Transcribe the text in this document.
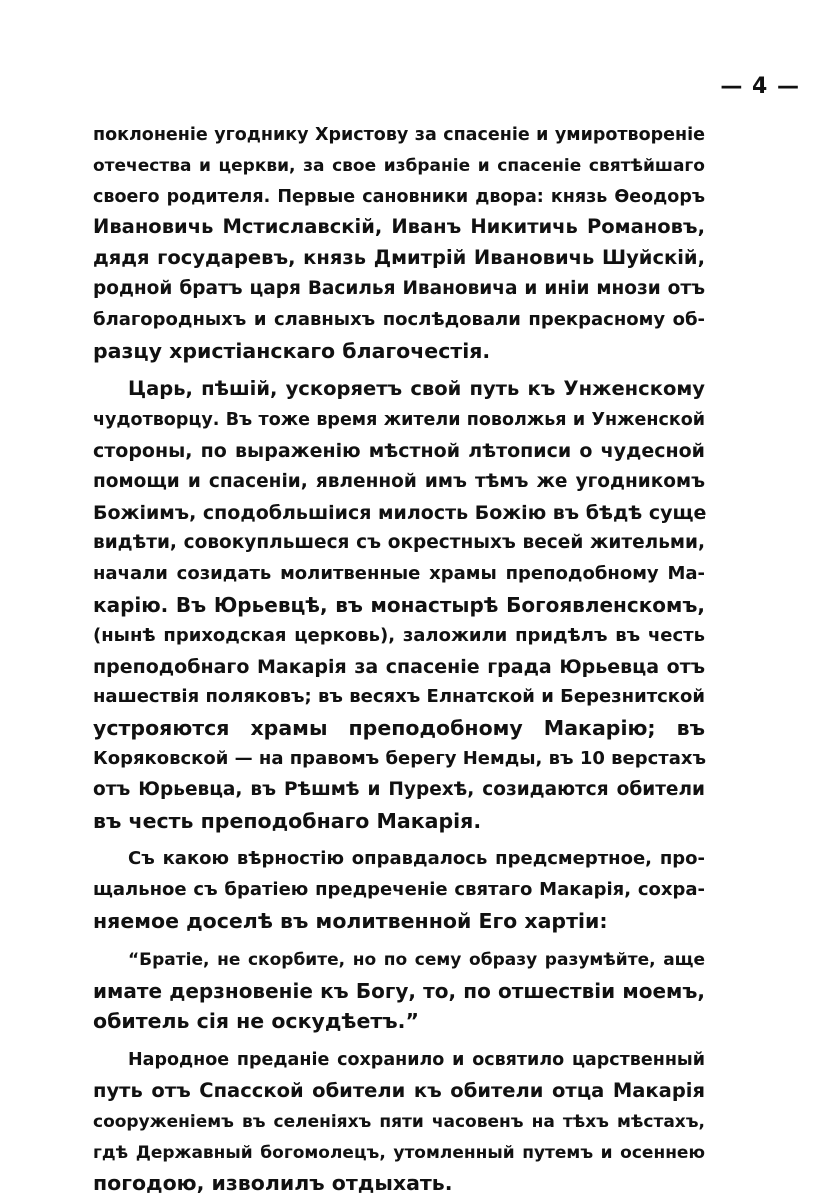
— 4 —
поклоненіе угоднику Христову за спасеніе и умиротвореніе
отечества и церкви, за свое избраніе и спасеніе святѣйшаго
своего родителя. Первые сановники двора: князь Ѳеодоръ
Ивановичь Мстиславскій, Иванъ Никитичь Романовъ,
дядя государевъ, князь Дмитрій Ивановичь Шуйскій,
родной братъ царя Василья Ивановича и иніи мнози отъ
благородныхъ и славныхъ послѣдовали прекрасному об-
разцу христіанскаго благочестія.
Царь, пѣшій, ускоряетъ свой путь къ Унженскому
чудотворцу. Въ тоже время жители поволжья и Унженской
стороны, по выраженію мѣстной лѣтописи о чудесной
помощи и спасеніи, явленной имъ тѣмъ же угодникомъ
Божіимъ, сподобльшіися милость Божію въ бѣдѣ суще
видѣти, совокупльшеся съ окрестныхъ весей жительми,
начали созидать молитвенные храмы преподобному Ма-
карію. Въ Юрьевцѣ, въ монастырѣ Богоявленскомъ,
(нынѣ приходская церковь), заложили придѣлъ въ честь
преподобнаго Макарія за спасеніе града Юрьевца отъ
нашествія поляковъ; въ весяхъ Елнатской и Березнитской
устрояются храмы преподобному Макарію; въ
Коряковской — на правомъ берегу Немды, въ 10 верстахъ
отъ Юрьевца, въ Рѣшмѣ и Пурехѣ, созидаются обители
въ честь преподобнаго Макарія.
Съ какою вѣрностію оправдалось предсмертное, про-
щальное съ братіею предреченіе святаго Макарія, сохра-
няемое доселѣ въ молитвенной Его хартіи:
“Братіе, не скорбите, но по сему образу разумѣйте, аще
имате дерзновеніе къ Богу, то, по отшествіи моемъ,
обитель сія не оскудѣетъ.”
Народное преданіе сохранило и освятило царственный
путь отъ Спасской обители къ обители отца Макарія
сооруженіемъ въ селеніяхъ пяти часовенъ на тѣхъ мѣстахъ,
гдѣ Державный богомолецъ, утомленный путемъ и осеннею
погодою, изволилъ отдыхать.
